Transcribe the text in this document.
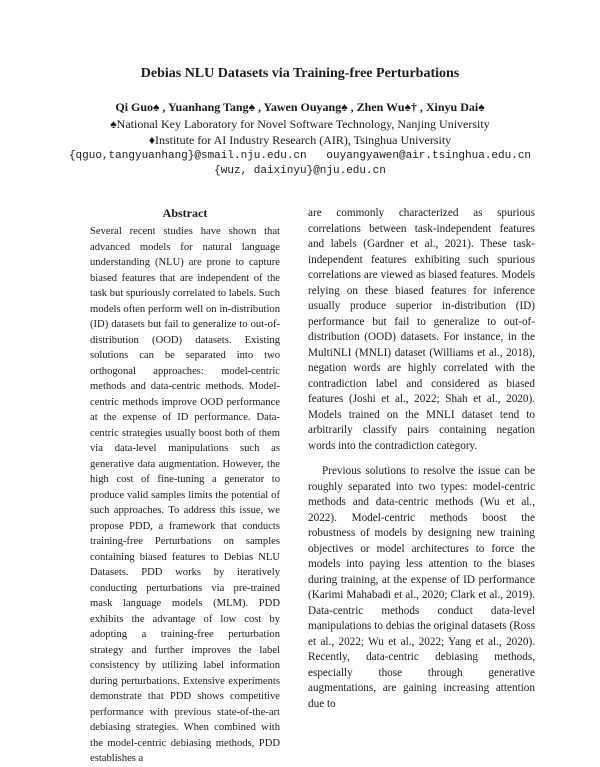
Debias NLU Datasets via Training-free Perturbations
Qi Guo♠ , Yuanhang Tang♠ , Yawen Ouyang♠ , Zhen Wu♠† , Xinyu Dai♠
♠National Key Laboratory for Novel Software Technology, Nanjing University
♦Institute for AI Industry Research (AIR), Tsinghua University
{qguo,tangyuanhang}@smail.nju.edu.cn   ouyangyawen@air.tsinghua.edu.cn
{wuz, daixinyu}@nju.edu.cn
Abstract

Several recent studies have shown that advanced models for natural language understanding (NLU) are prone to capture biased features that are independent of the task but spuriously correlated to labels. Such models often perform well on in-distribution (ID) datasets but fail to generalize to out-of-distribution (OOD) datasets. Existing solutions can be separated into two orthogonal approaches: model-centric methods and data-centric methods. Model-centric methods improve OOD performance at the expense of ID performance. Data-centric strategies usually boost both of them via data-level manipulations such as generative data augmentation. However, the high cost of fine-tuning a generator to produce valid samples limits the potential of such approaches. To address this issue, we propose PDD, a framework that conducts training-free Perturbations on samples containing biased features to Debias NLU Datasets. PDD works by iteratively conducting perturbations via pre-trained mask language models (MLM). PDD exhibits the advantage of low cost by adopting a training-free perturbation strategy and further improves the label consistency by utilizing label information during perturbations. Extensive experiments demonstrate that PDD shows competitive performance with previous state-of-the-art debiasing strategies. When combined with the model-centric debiasing methods, PDD establishes a

are commonly characterized as spurious correlations between task-independent features and labels (Gardner et al., 2021). These task-independent features exhibiting such spurious correlations are viewed as biased features. Models relying on these biased features for inference usually produce superior in-distribution (ID) performance but fail to generalize to out-of-distribution (OOD) datasets. For instance, in the MultiNLI (MNLI) dataset (Williams et al., 2018), negation words are highly correlated with the contradiction label and considered as biased features (Joshi et al., 2022; Shah et al., 2020). Models trained on the MNLI dataset tend to arbitrarily classify pairs containing negation words into the contradiction category.

Previous solutions to resolve the issue can be roughly separated into two types: model-centric methods and data-centric methods (Wu et al., 2022). Model-centric methods boost the robustness of models by designing new training objectives or model architectures to force the models into paying less attention to the biases during training, at the expense of ID performance (Karimi Mahabadi et al., 2020; Clark et al., 2019). Data-centric methods conduct data-level manipulations to debias the original datasets (Ross et al., 2022; Wu et al., 2022; Yang et al., 2020). Recently, data-centric debiasing methods, especially those through generative augmentations, are gaining increasing attention due to
